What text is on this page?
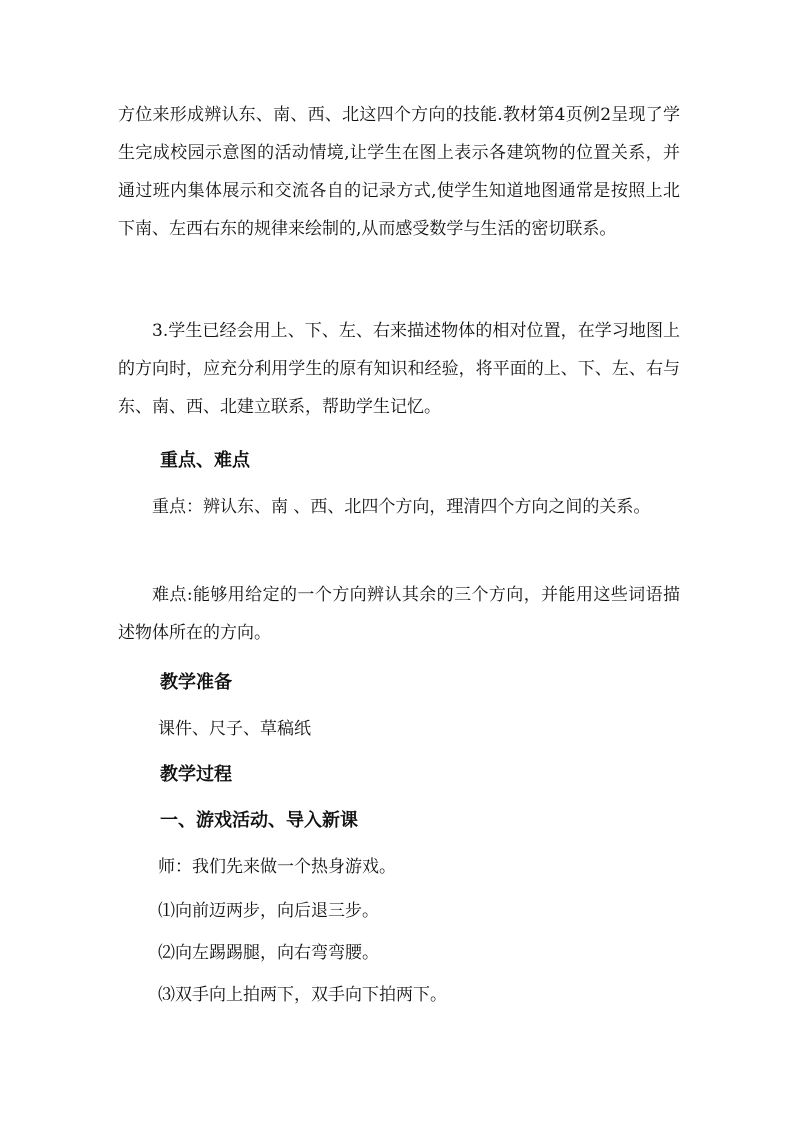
方位来形成辨认东、南、西、北这四个方向的技能.教材第4页例2呈现了学生完成校园示意图的活动情境,让学生在图上表示各建筑物的位置关系，并通过班内集体展示和交流各自的记录方式,使学生知道地图通常是按照上北下南、左西右东的规律来绘制的,从而感受数学与生活的密切联系。

3.学生已经会用上、下、左、右来描述物体的相对位置，在学习地图上的方向时，应充分利用学生的原有知识和经验，将平面的上、下、左、右与东、南、西、北建立联系，帮助学生记忆。

重点、难点

重点：辨认东、南 、西、北四个方向，理清四个方向之间的关系。

难点:能够用给定的一个方向辨认其余的三个方向，并能用这些词语描述物体所在的方向。

教学准备

课件、尺子、草稿纸

教学过程

一、游戏活动、导入新课

师：我们先来做一个热身游戏。

⑴向前迈两步，向后退三步。

⑵向左踢踢腿，向右弯弯腰。

⑶双手向上拍两下，双手向下拍两下。
